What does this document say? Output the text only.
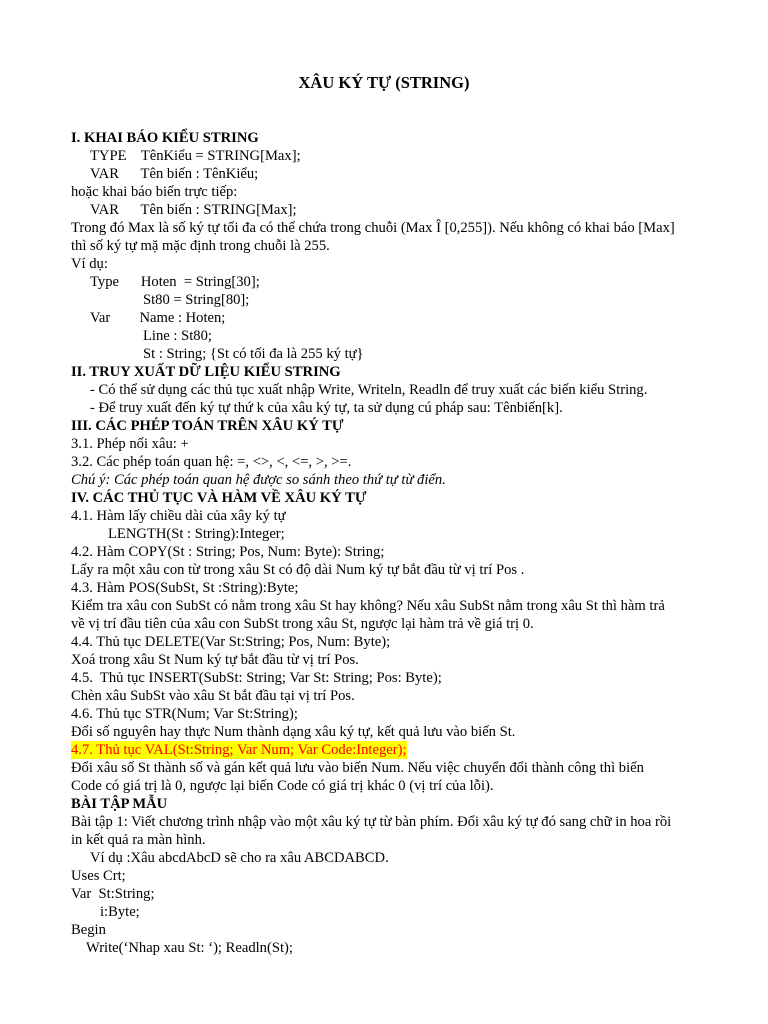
XÂU KÝ TỰ (STRING)
I. KHAI BÁO KIỂU STRING
TYPE    TênKiểu = STRING[Max];
VAR      Tên biến : TênKiểu;
hoặc khai báo biến trực tiếp:
VAR      Tên biến : STRING[Max];
Trong đó Max là số ký tự tối đa có thể chứa trong chuỗi (Max Î [0,255]). Nếu không có khai báo [Max]
thì số ký tự mặ mặc định trong chuỗi là 255.
Ví dụ:
Type      Hoten  = String[30];
St80 = String[80];
Var        Name : Hoten;
Line : St80;
St : String; {St có tối đa là 255 ký tự}
II. TRUY XUẤT DỮ LIỆU KIỂU STRING
- Có thể sử dụng các thủ tục xuất nhập Write, Writeln, Readln để truy xuất các biến kiểu String.
- Để truy xuất đến ký tự thứ k của xâu ký tự, ta sử dụng cú pháp sau: Tênbiến[k].
III. CÁC PHÉP TOÁN TRÊN XÂU KÝ TỰ
3.1. Phép nối xâu: +
3.2. Các phép toán quan hệ: =, <>, <, <=, >, >=.
Chú ý: Các phép toán quan hệ được so sánh theo thứ tự từ điển.
IV. CÁC THỦ TỤC VÀ HÀM VỀ XÂU KÝ TỰ
4.1. Hàm lấy chiều dài của xây ký tự
LENGTH(St : String):Integer;
4.2. Hàm COPY(St : String; Pos, Num: Byte): String;
Lấy ra một xâu con từ trong xâu St có độ dài Num ký tự bắt đầu từ vị trí Pos .
4.3. Hàm POS(SubSt, St :String):Byte;
Kiểm tra xâu con SubSt có nằm trong xâu St hay không? Nếu xâu SubSt nằm trong xâu St thì hàm trả
về vị trí đầu tiên của xâu con SubSt trong xâu St, ngược lại hàm trả về giá trị 0.
4.4. Thủ tục DELETE(Var St:String; Pos, Num: Byte);
Xoá trong xâu St Num ký tự bắt đầu từ vị trí Pos.
4.5.  Thủ tục INSERT(SubSt: String; Var St: String; Pos: Byte);
Chèn xâu SubSt vào xâu St bắt đầu tại vị trí Pos.
4.6. Thủ tục STR(Num; Var St:String);
Đổi số nguyên hay thực Num thành dạng xâu ký tự, kết quả lưu vào biến St.
4.7. Thủ tục VAL(St:String; Var Num; Var Code:Integer);
Đổi xâu số St thành số và gán kết quả lưu vào biến Num. Nếu việc chuyển đổi thành công thì biến
Code có giá trị là 0, ngược lại biến Code có giá trị khác 0 (vị trí của lỗi).
BÀI TẬP MẪU
Bài tập 1: Viết chương trình nhập vào một xâu ký tự từ bàn phím. Đổi xâu ký tự đó sang chữ in hoa rồi
in kết quả ra màn hình.
Ví dụ :Xâu abcdAbcD sẽ cho ra xâu ABCDABCD.
Uses Crt;
Var  St:String;
i:Byte;
Begin
Write(‘Nhap xau St: ‘); Readln(St);
